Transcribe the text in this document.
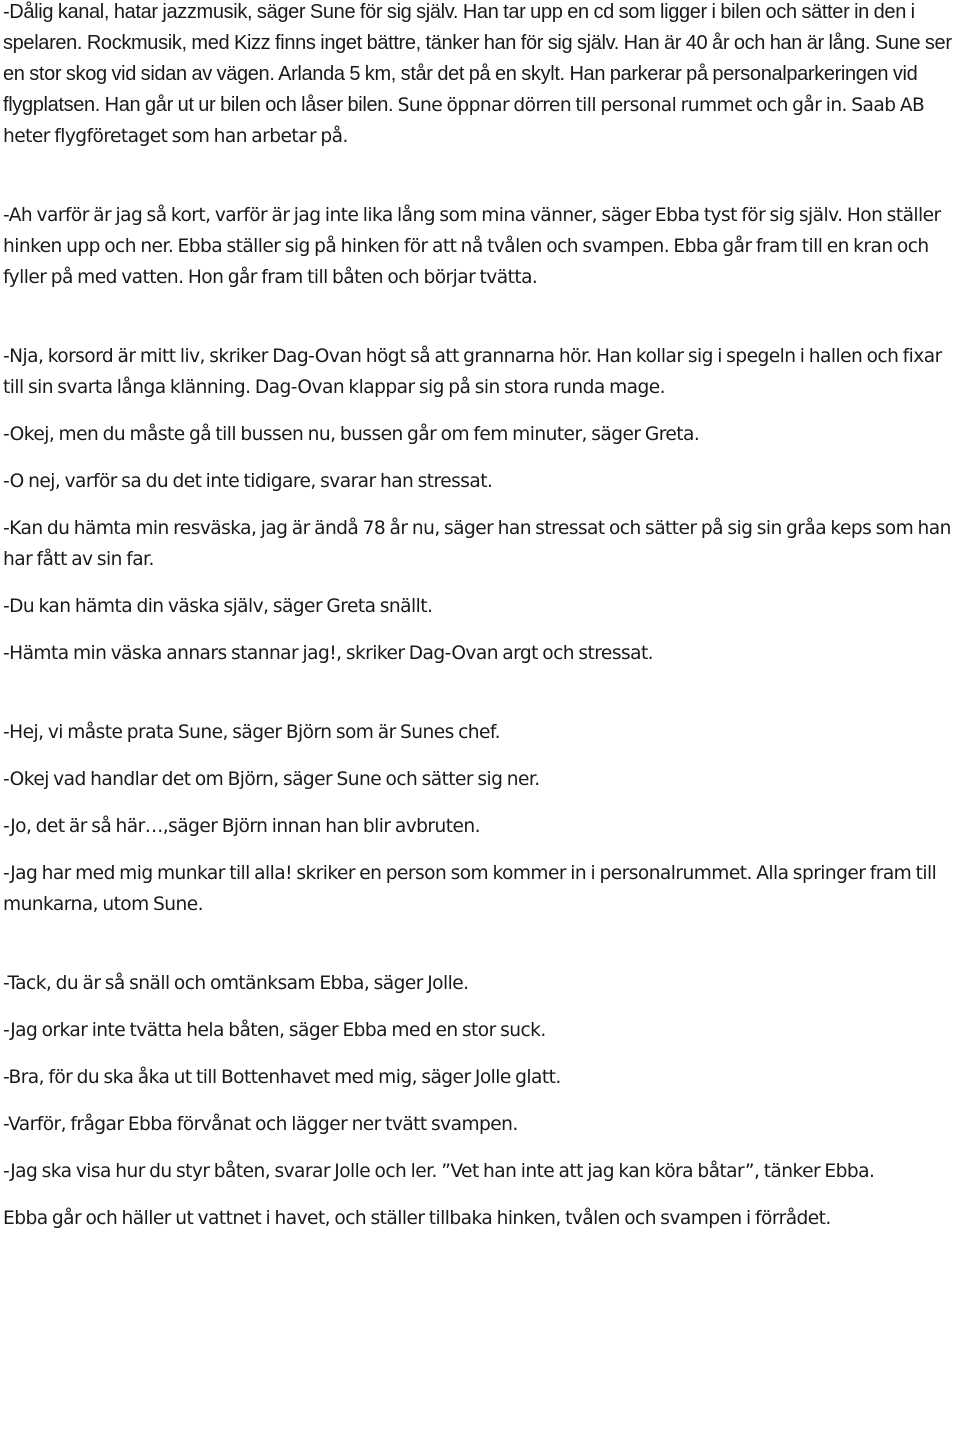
-Dålig kanal, hatar jazzmusik, säger Sune för sig själv. Han tar upp en cd som ligger i bilen och sätter in den i spelaren. Rockmusik, med Kizz finns inget bättre, tänker han för sig själv. Han är 40 år och han är lång. Sune ser en stor skog vid sidan av vägen. Arlanda 5 km, står det på en skylt. Han parkerar på personalparkeringen vid flygplatsen. Han går ut ur bilen och låser bilen. Sune öppnar dörren till personal rummet och går in. Saab AB heter flygföretaget som han arbetar på.

-Ah varför är jag så kort, varför är jag inte lika lång som mina vänner, säger Ebba tyst för sig själv. Hon ställer hinken upp och ner. Ebba ställer sig på hinken för att nå tvålen och svampen. Ebba går fram till en kran och fyller på med vatten. Hon går fram till båten och börjar tvätta.

-Nja, korsord är mitt liv, skriker Dag-Ovan högt så att grannarna hör. Han kollar sig i spegeln i hallen och fixar till sin svarta långa klänning. Dag-Ovan klappar sig på sin stora runda mage.

-Okej, men du måste gå till bussen nu, bussen går om fem minuter, säger Greta.

-O nej, varför sa du det inte tidigare, svarar han stressat.

-Kan du hämta min resväska, jag är ändå 78 år nu, säger han stressat och sätter på sig sin gråa keps som han har fått av sin far.

-Du kan hämta din väska själv, säger Greta snällt.

-Hämta min väska annars stannar jag!, skriker Dag-Ovan argt och stressat.

-Hej, vi måste prata Sune, säger Björn som är Sunes chef.

-Okej vad handlar det om Björn, säger Sune och sätter sig ner.

-Jo, det är så här…,säger Björn innan han blir avbruten.

-Jag har med mig munkar till alla! skriker en person som kommer in i personalrummet. Alla springer fram till munkarna, utom Sune.

-Tack, du är så snäll och omtänksam Ebba, säger Jolle.

-Jag orkar inte tvätta hela båten, säger Ebba med en stor suck.

-Bra, för du ska åka ut till Bottenhavet med mig, säger Jolle glatt.

-Varför, frågar Ebba förvånat och lägger ner tvätt svampen.

-Jag ska visa hur du styr båten, svarar Jolle och ler. ”Vet han inte att jag kan köra båtar”, tänker Ebba.

Ebba går och häller ut vattnet i havet, och ställer tillbaka hinken, tvålen och svampen i förrådet.
